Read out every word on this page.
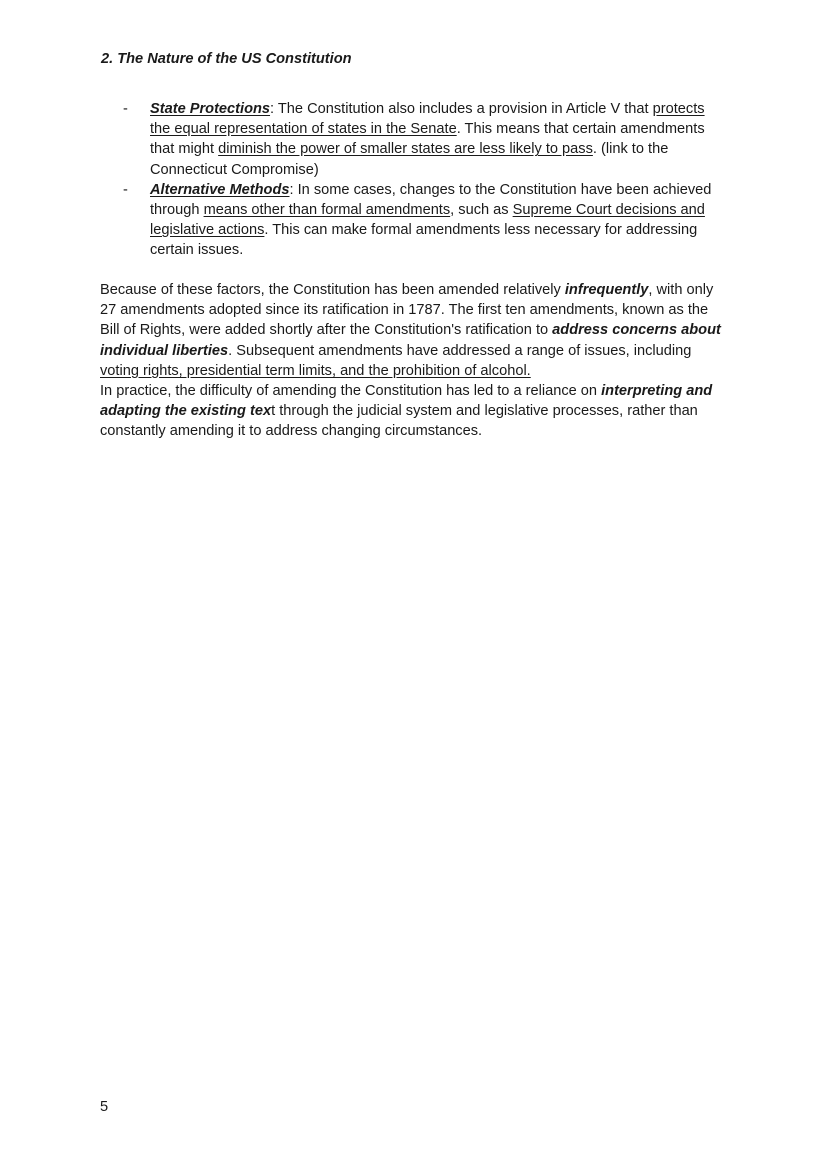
2. The Nature of the US Constitution
- State Protections: The Constitution also includes a provision in Article V that protects the equal representation of states in the Senate. This means that certain amendments that might diminish the power of smaller states are less likely to pass. (link to the Connecticut Compromise)
- Alternative Methods: In some cases, changes to the Constitution have been achieved through means other than formal amendments, such as Supreme Court decisions and legislative actions. This can make formal amendments less necessary for addressing certain issues.

Because of these factors, the Constitution has been amended relatively infrequently, with only 27 amendments adopted since its ratification in 1787. The first ten amendments, known as the Bill of Rights, were added shortly after the Constitution's ratification to address concerns about individual liberties. Subsequent amendments have addressed a range of issues, including voting rights, presidential term limits, and the prohibition of alcohol.

In practice, the difficulty of amending the Constitution has led to a reliance on interpreting and adapting the existing text through the judicial system and legislative processes, rather than constantly amending it to address changing circumstances.

5
